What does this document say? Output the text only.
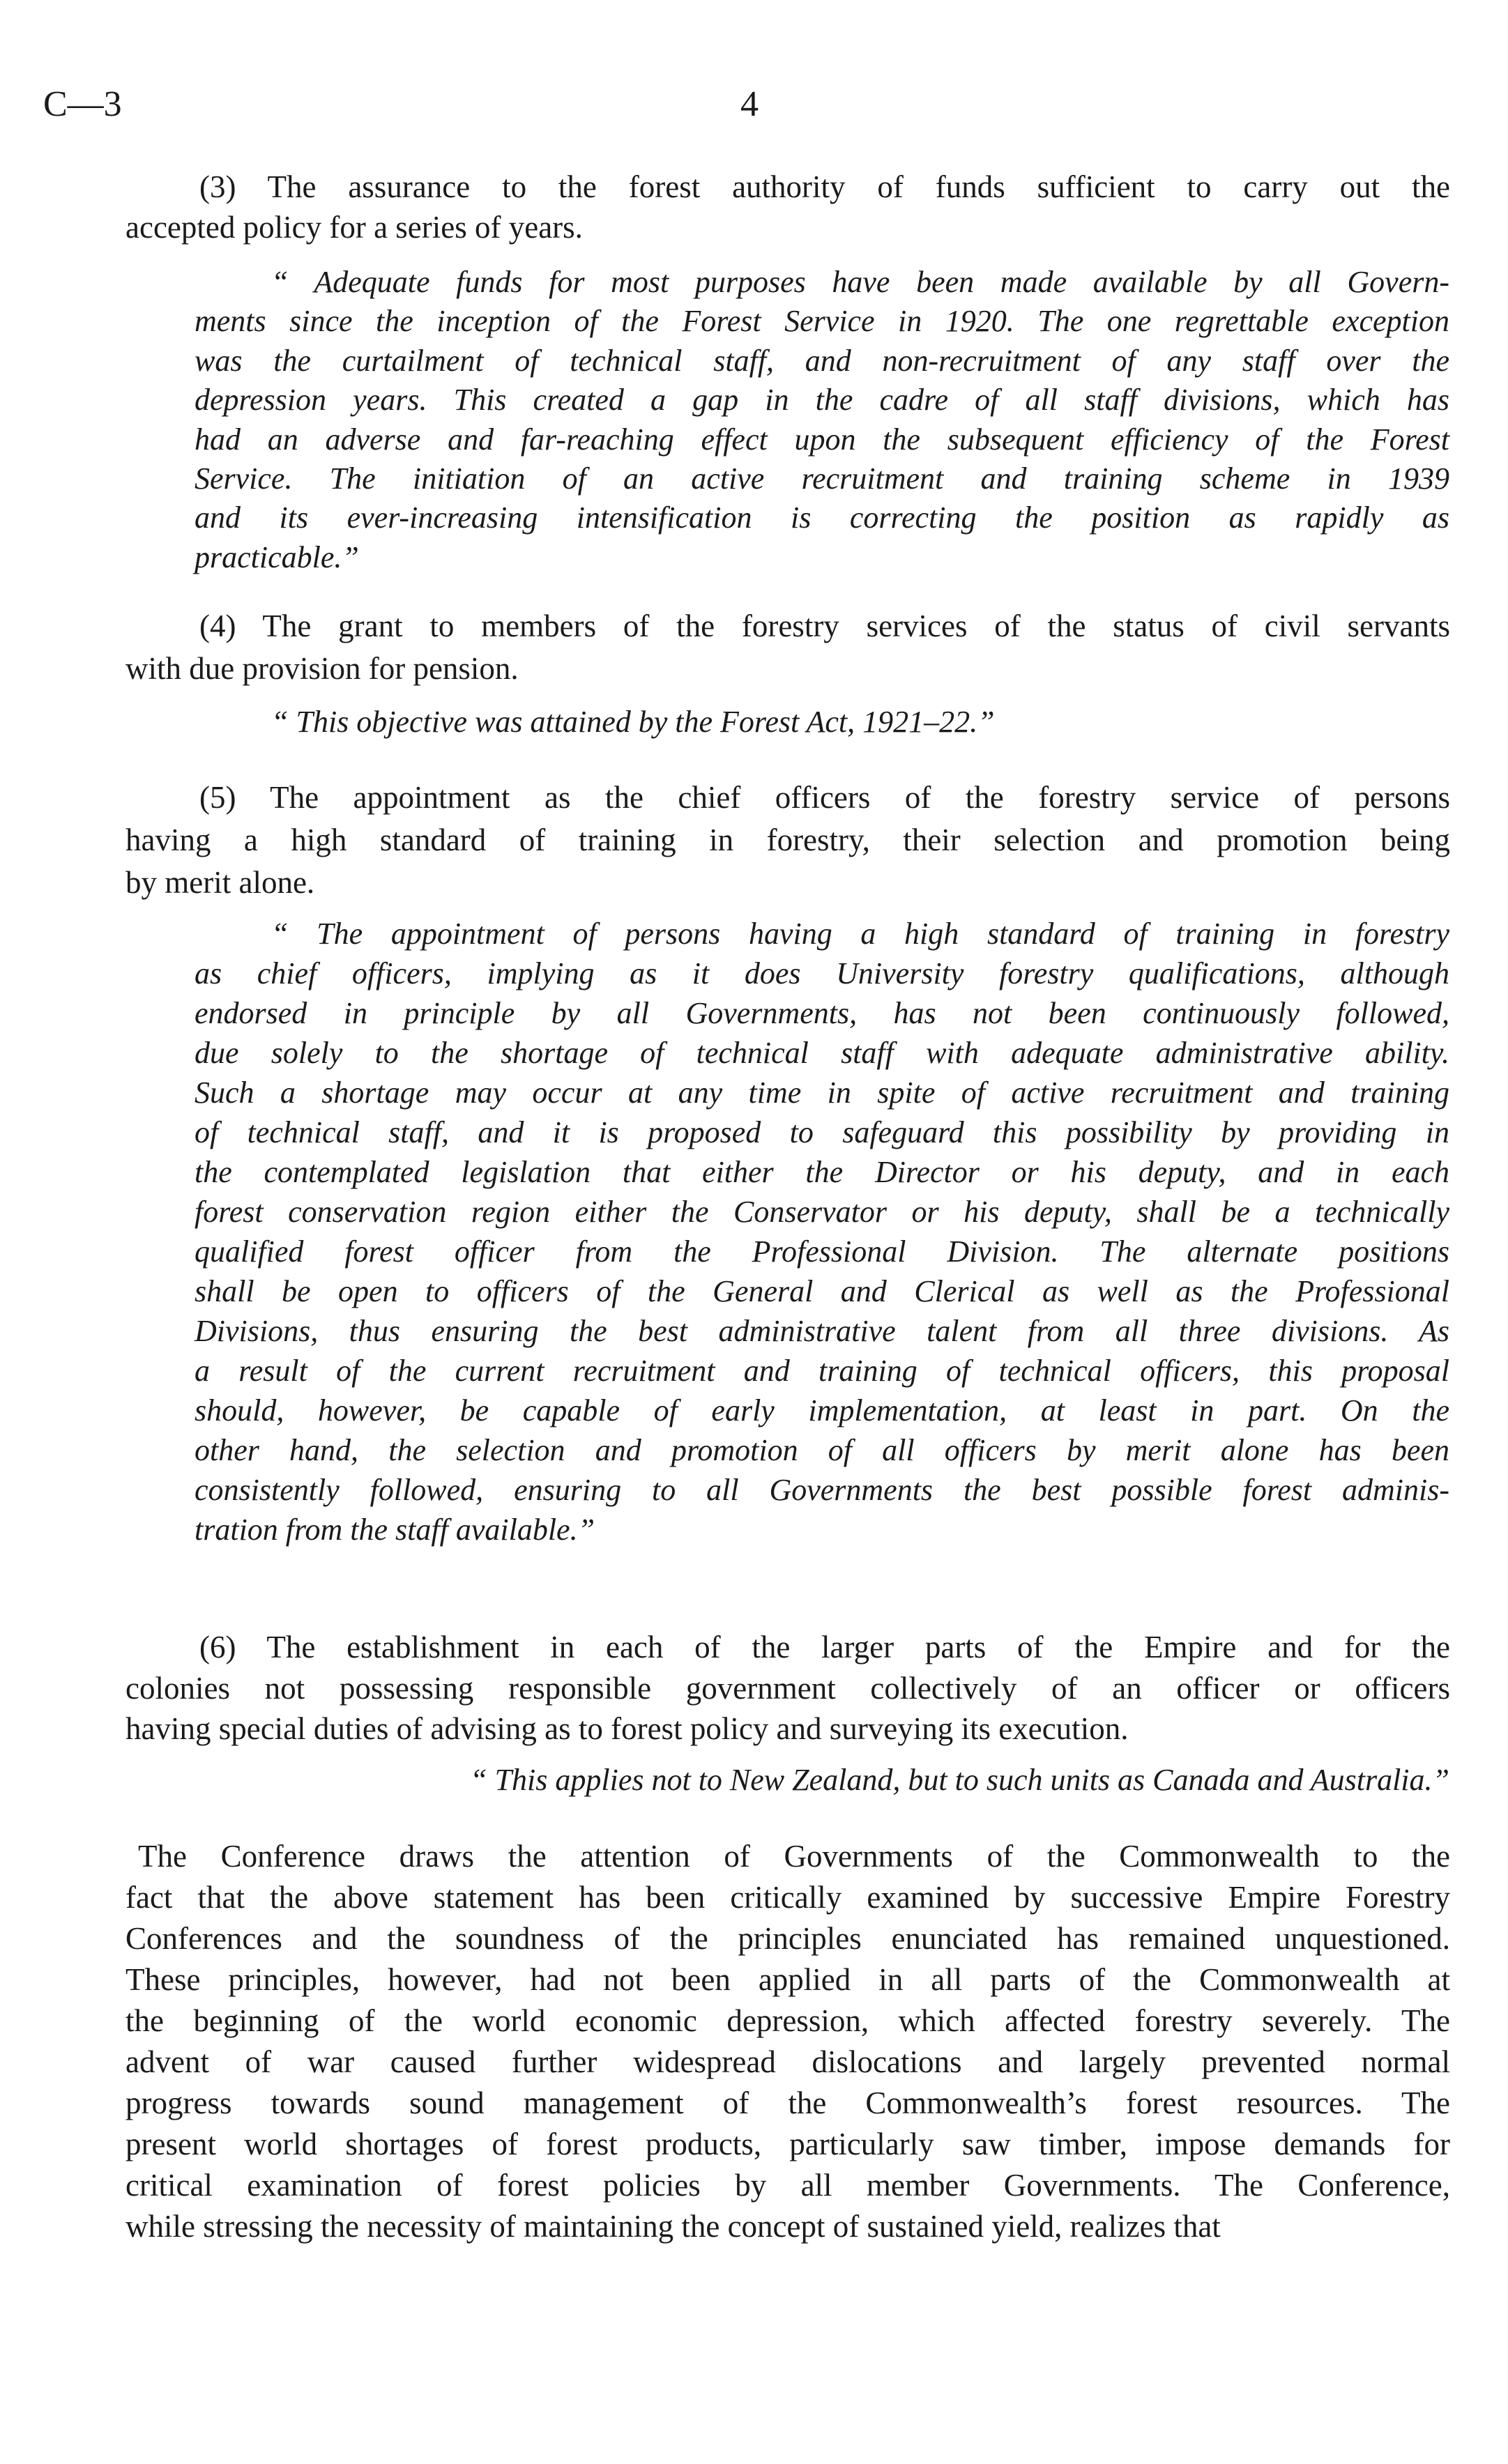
C—3	4
(3) The assurance to the forest authority of funds sufficient to carry out the
accepted policy for a series of years.
“ Adequate funds for most purposes have been made available by all Govern-
ments since the inception of the Forest Service in 1920. The one regrettable exception
was the curtailment of technical staff, and non-recruitment of any staff over the
depression years. This created a gap in the cadre of all staff divisions, which has
had an adverse and far-reaching effect upon the subsequent efficiency of the Forest
Service. The initiation of an active recruitment and training scheme in 1939
and its ever-increasing intensification is correcting the position as rapidly as
practicable.”
(4) The grant to members of the forestry services of the status of civil servants
with due provision for pension.
“ This objective was attained by the Forest Act, 1921–22.”
(5) The appointment as the chief officers of the forestry service of persons
having a high standard of training in forestry, their selection and promotion being
by merit alone.
“ The appointment of persons having a high standard of training in forestry
as chief officers, implying as it does University forestry qualifications, although
endorsed in principle by all Governments, has not been continuously followed,
due solely to the shortage of technical staff with adequate administrative ability.
Such a shortage may occur at any time in spite of active recruitment and training
of technical staff, and it is proposed to safeguard this possibility by providing in
the contemplated legislation that either the Director or his deputy, and in each
forest conservation region either the Conservator or his deputy, shall be a technically
qualified forest officer from the Professional Division. The alternate positions
shall be open to officers of the General and Clerical as well as the Professional
Divisions, thus ensuring the best administrative talent from all three divisions. As
a result of the current recruitment and training of technical officers, this proposal
should, however, be capable of early implementation, at least in part. On the
other hand, the selection and promotion of all officers by merit alone has been
consistently followed, ensuring to all Governments the best possible forest adminis-
tration from the staff available.”
(6) The establishment in each of the larger parts of the Empire and for the
colonies not possessing responsible government collectively of an officer or officers
having special duties of advising as to forest policy and surveying its execution.
“ This applies not to New Zealand, but to such units as Canada and Australia.”
The Conference draws the attention of Governments of the Commonwealth to the
fact that the above statement has been critically examined by successive Empire Forestry
Conferences and the soundness of the principles enunciated has remained unquestioned.
These principles, however, had not been applied in all parts of the Commonwealth at
the beginning of the world economic depression, which affected forestry severely. The
advent of war caused further widespread dislocations and largely prevented normal
progress towards sound management of the Commonwealth’s forest resources. The
present world shortages of forest products, particularly saw timber, impose demands for
critical examination of forest policies by all member Governments. The Conference,
while stressing the necessity of maintaining the concept of sustained yield, realizes that
